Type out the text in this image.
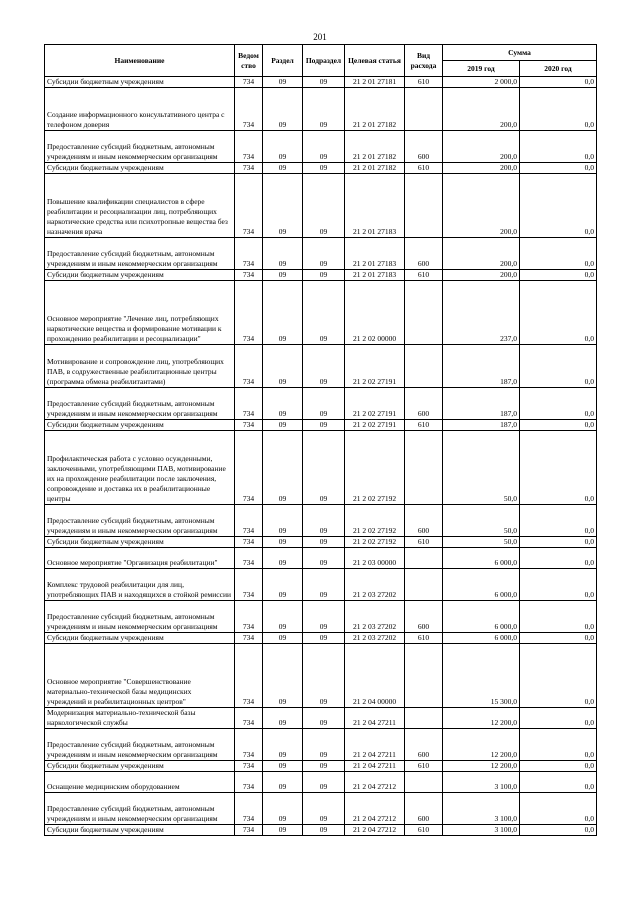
201
Наименование	Ведом ство	Раздел	Подраздел	Целевая статья	Вид расхода	Сумма	
						2019 год	2020 год
Субсидии бюджетным учреждениям	734	09	09	21 2 01 27181	610	2 000,0	0,0
Создание информационного консультативного центра с телефоном доверия	734	09	09	21 2 01 27182		200,0	0,0
Предоставление субсидий бюджетным, автономным учреждениям и иным некоммерческим организациям	734	09	09	21 2 01 27182	600	200,0	0,0
Субсидии бюджетным учреждениям	734	09	09	21 2 01 27182	610	200,0	0,0
Повышение квалификации специалистов в сфере реабилитации и ресоциализации лиц, потребляющих наркотические средства или психотропные вещества без назначения врача	734	09	09	21 2 01 27183		200,0	0,0
Предоставление субсидий бюджетным, автономным учреждениям и иным некоммерческим организациям	734	09	09	21 2 01 27183	600	200,0	0,0
Субсидии бюджетным учреждениям	734	09	09	21 2 01 27183	610	200,0	0,0
Основное мероприятие "Лечение лиц, потребляющих наркотические вещества и формирование мотивации к прохождению реабилитации и ресоциализации"	734	09	09	21 2 02 00000		237,0	0,0
Мотивирование и сопровождение лиц, употребляющих ПАВ, в содружественные реабилитационные центры (программа обмена реабилитантами)	734	09	09	21 2 02 27191		187,0	0,0
Предоставление субсидий бюджетным, автономным учреждениям и иным некоммерческим организациям	734	09	09	21 2 02 27191	600	187,0	0,0
Субсидии бюджетным учреждениям	734	09	09	21 2 02 27191	610	187,0	0,0
Профилактическая работа с условно осужденными, заключенными, употребляющими ПАВ, мотивирование их на прохождение реабилитации после заключения, сопровождение и доставка их в реабилитационные центры	734	09	09	21 2 02 27192		50,0	0,0
Предоставление субсидий бюджетным, автономным учреждениям и иным некоммерческим организациям	734	09	09	21 2 02 27192	600	50,0	0,0
Субсидии бюджетным учреждениям	734	09	09	21 2 02 27192	610	50,0	0,0
Основное мероприятие "Организация реабилитации"	734	09	09	21 2 03 00000		6 000,0	0,0
Комплекс трудовой реабилитации для лиц, употребляющих ПАВ и находящихся в стойкой ремиссии	734	09	09	21 2 03 27202		6 000,0	0,0
Предоставление субсидий бюджетным, автономным учреждениям и иным некоммерческим организациям	734	09	09	21 2 03 27202	600	6 000,0	0,0
Субсидии бюджетным учреждениям	734	09	09	21 2 03 27202	610	6 000,0	0,0
Основное мероприятие "Совершенствование материально-технической базы медицинских учреждений и реабилитационных центров"	734	09	09	21 2 04 00000		15 300,0	0,0
Модернизация материально-технической базы наркологической службы	734	09	09	21 2 04 27211		12 200,0	0,0
Предоставление субсидий бюджетным, автономным учреждениям и иным некоммерческим организациям	734	09	09	21 2 04 27211	600	12 200,0	0,0
Субсидии бюджетным учреждениям	734	09	09	21 2 04 27211	610	12 200,0	0,0
Оснащение медицинским оборудованием	734	09	09	21 2 04 27212		3 100,0	0,0
Предоставление субсидий бюджетным, автономным учреждениям и иным некоммерческим организациям	734	09	09	21 2 04 27212	600	3 100,0	0,0
Субсидии бюджетным учреждениям	734	09	09	21 2 04 27212	610	3 100,0	0,0
